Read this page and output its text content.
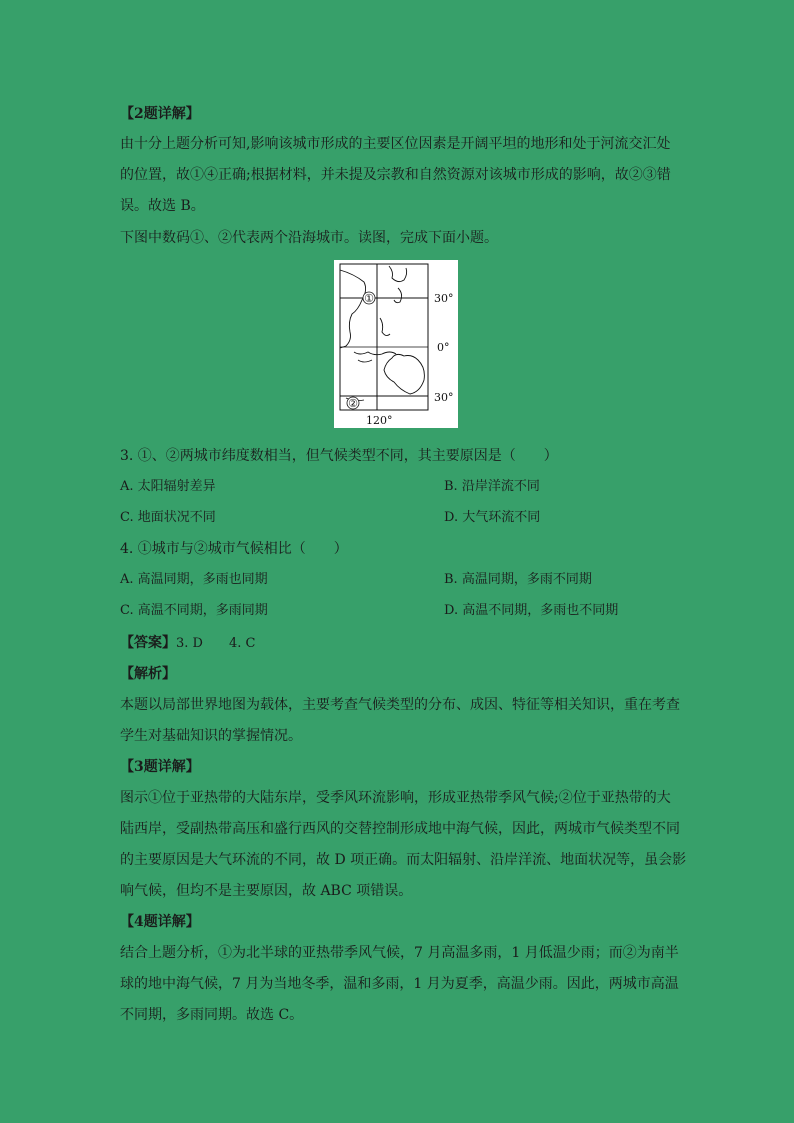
【2题详解】
由十分上题分析可知,影响该城市形成的主要区位因素是开阔平坦的地形和处于河流交汇处
的位置，故①④正确;根据材料，并未提及宗教和自然资源对该城市形成的影响，故②③错
误。故选 B。
下图中数码①、②代表两个沿海城市。读图，完成下面小题。
①
②
30°
0°
30°
120°
3. ①、②两城市纬度数相当，但气候类型不同，其主要原因是（　　）
A. 太阳辐射差异	B. 沿岸洋流不同
C. 地面状况不同	D. 大气环流不同
4. ①城市与②城市气候相比（　　）
A. 高温同期，多雨也同期	B. 高温同期，多雨不同期
C. 高温不同期，多雨同期	D. 高温不同期，多雨也不同期
【答案】3. D　　4. C
【解析】
本题以局部世界地图为载体，主要考查气候类型的分布、成因、特征等相关知识，重在考查
学生对基础知识的掌握情况。
【3题详解】
图示①位于亚热带的大陆东岸，受季风环流影响，形成亚热带季风气候;②位于亚热带的大
陆西岸，受副热带高压和盛行西风的交替控制形成地中海气候，因此，两城市气候类型不同
的主要原因是大气环流的不同，故 D 项正确。而太阳辐射、沿岸洋流、地面状况等，虽会影
响气候，但均不是主要原因，故 ABC 项错误。
【4题详解】
结合上题分析，①为北半球的亚热带季风气候，7 月高温多雨，1 月低温少雨；而②为南半
球的地中海气候，7 月为当地冬季，温和多雨，1 月为夏季，高温少雨。因此，两城市高温
不同期，多雨同期。故选 C。
